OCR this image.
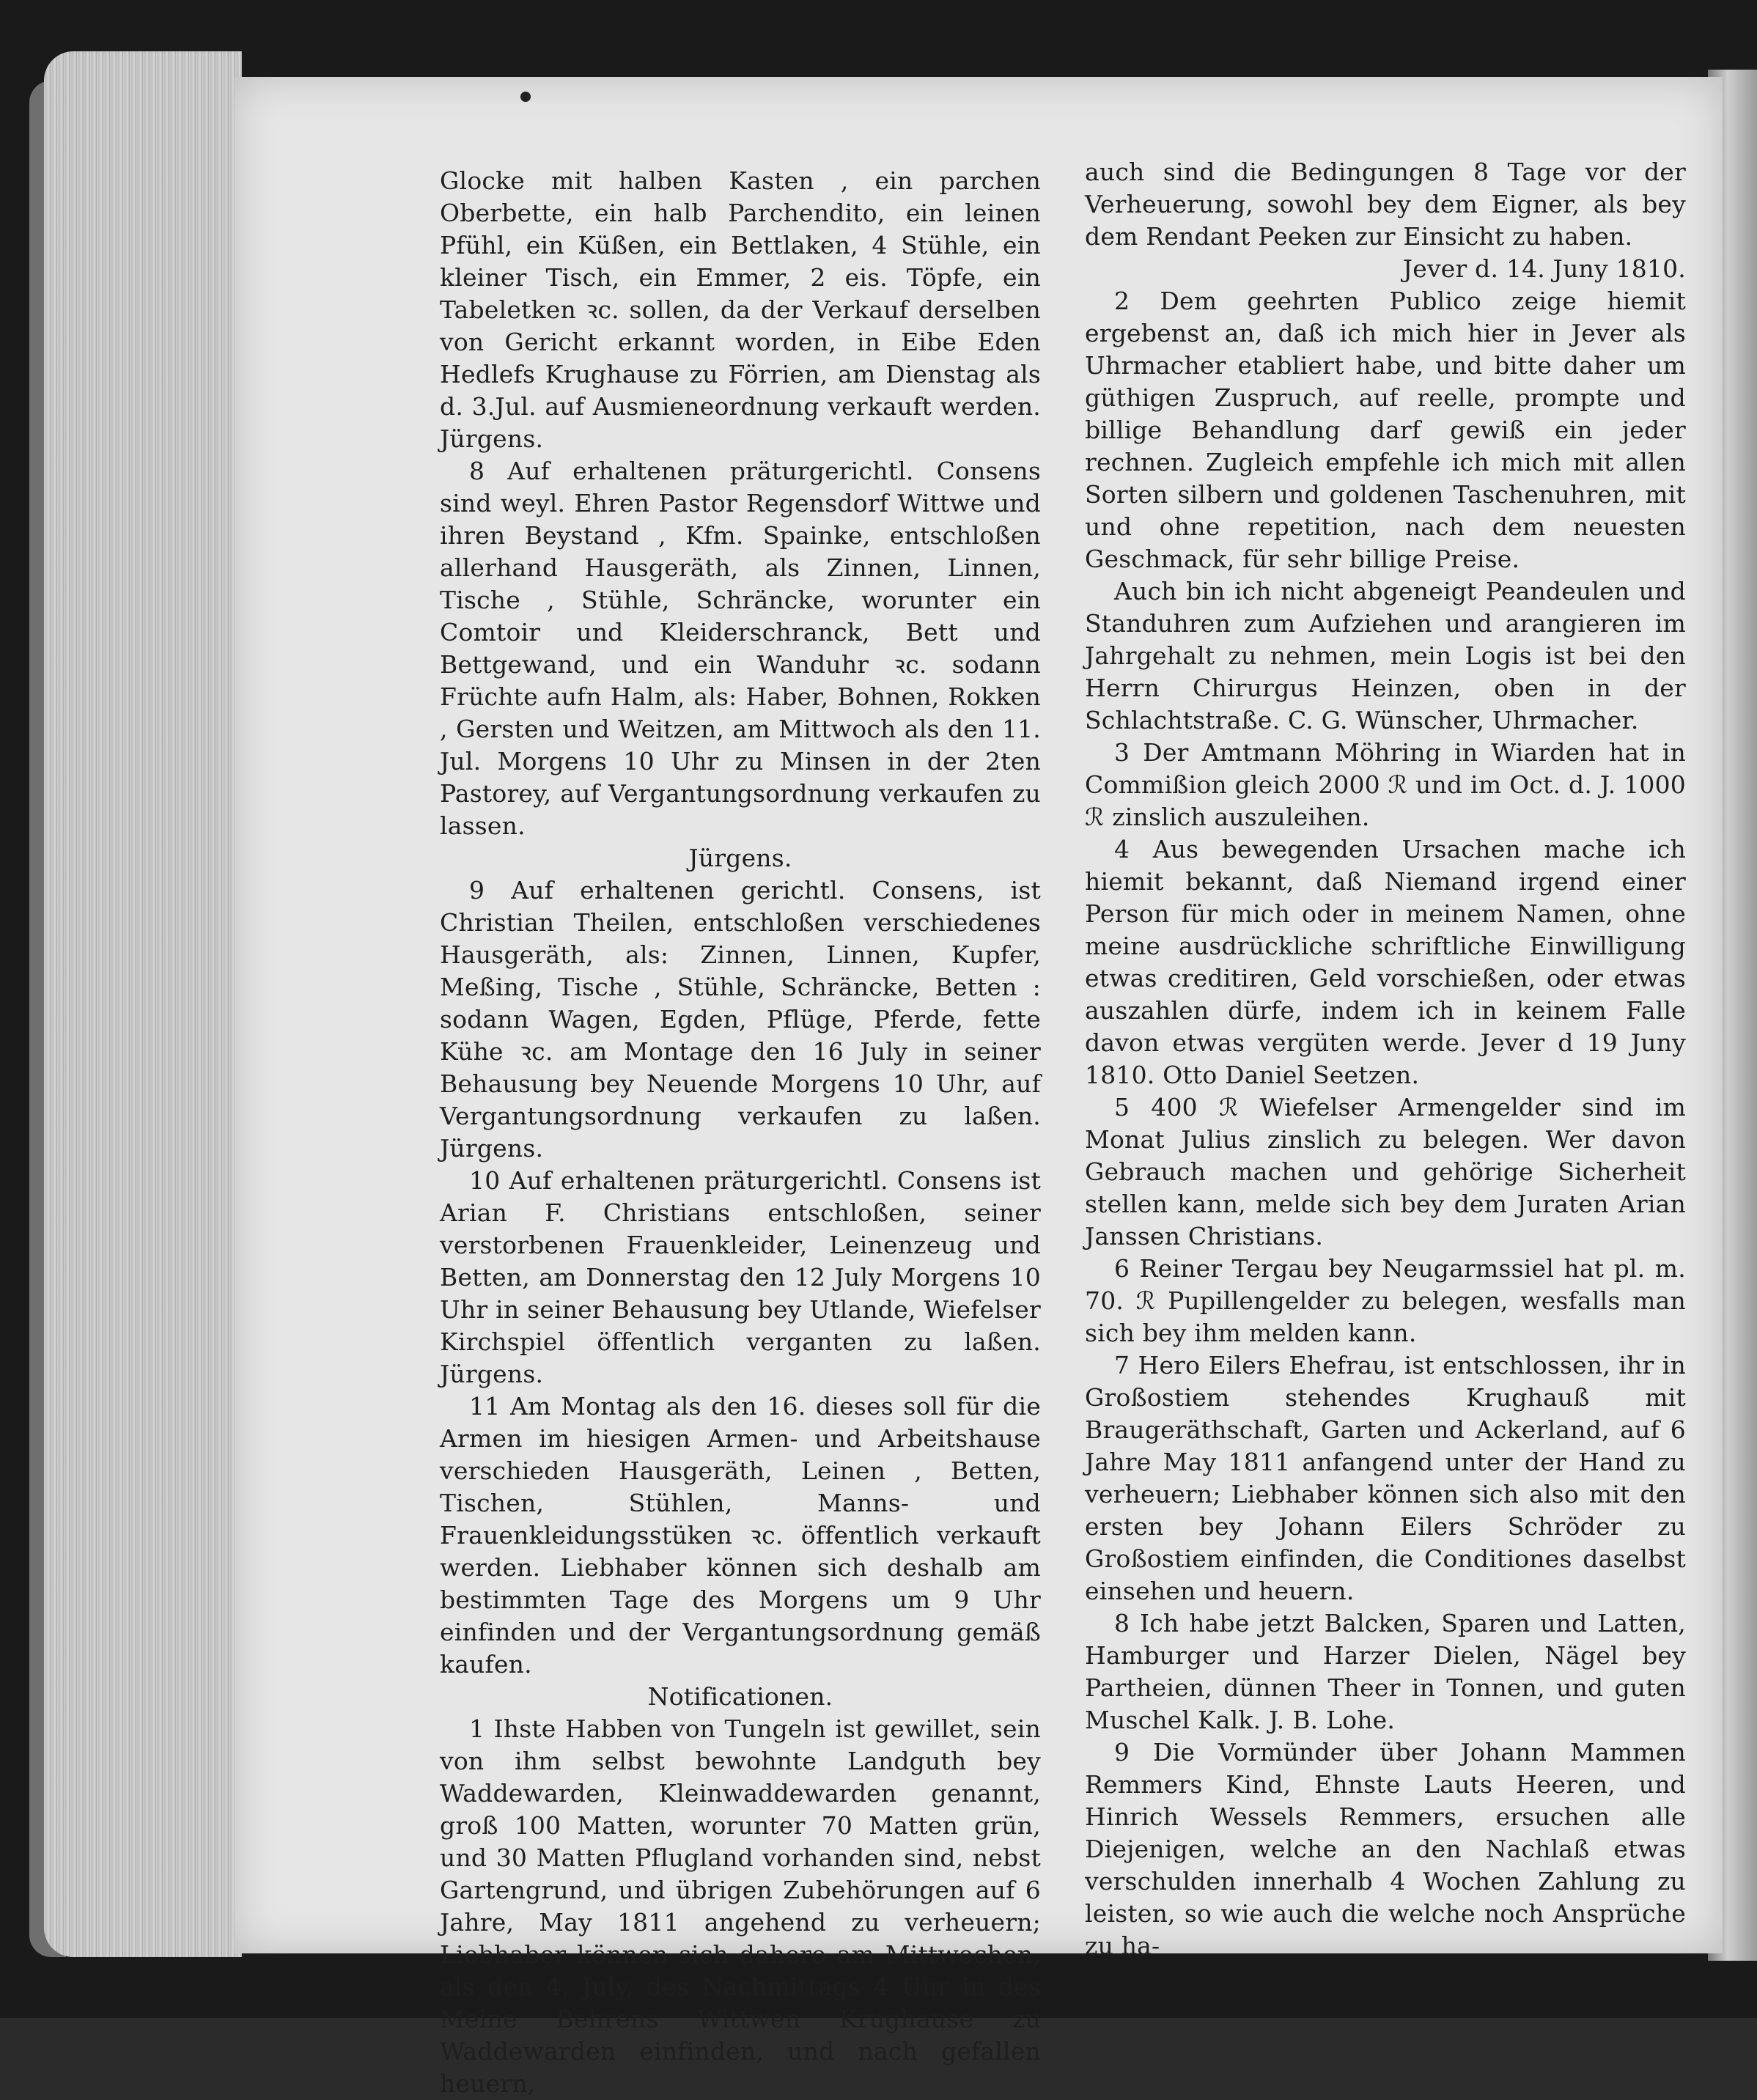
Glocke mit halben Kasten , ein parchen Oberbette, ein halb Parchendito, ein leinen Pfühl, ein Küßen, ein Bettlaken, 4 Stühle, ein kleiner Tisch, ein Emmer, 2 eis. Töpfe, ein Tabeletken ꝛc. sollen, da der Verkauf derselben von Gericht erkannt worden, in Eibe Eden Hedlefs Krughause zu Förrien, am Dienstag als d. 3.Jul. auf Ausmieneordnung verkauft werden. Jürgens.

8 Auf erhaltenen präturgerichtl. Consens sind weyl. Ehren Pastor Regensdorf Wittwe und ihren Beystand , Kfm. Spainke, entschloßen allerhand Hausgeräth, als Zinnen, Linnen, Tische , Stühle, Schräncke, worunter ein Comtoir und Kleiderschranck, Bett und Bettgewand, und ein Wanduhr ꝛc. sodann Früchte aufn Halm, als: Haber, Bohnen, Rokken , Gersten und Weitzen, am Mittwoch als den 11. Jul. Morgens 10 Uhr zu Minsen in der 2ten Pastorey, auf Vergantungsordnung verkaufen zu lassen.

Jürgens.

9 Auf erhaltenen gerichtl. Consens, ist Christian Theilen, entschloßen verschiedenes Hausgeräth, als: Zinnen, Linnen, Kupfer, Meßing, Tische , Stühle, Schräncke, Betten : sodann Wagen, Egden, Pflüge, Pferde, fette Kühe ꝛc. am Montage den 16 July in seiner Behausung bey Neuende Morgens 10 Uhr, auf Vergantungsordnung verkaufen zu laßen. Jürgens.

10 Auf erhaltenen präturgerichtl. Consens ist Arian F. Christians entschloßen, seiner verstorbenen Frauenkleider, Leinenzeug und Betten, am Donnerstag den 12 July Morgens 10 Uhr in seiner Behausung bey Utlande, Wiefelser Kirchspiel öffentlich verganten zu laßen. Jürgens.

11 Am Montag als den 16. dieses soll für die Armen im hiesigen Armen- und Arbeitshause verschieden Hausgeräth, Leinen , Betten, Tischen, Stühlen, Manns- und Frauenkleidungsstüken ꝛc. öffentlich verkauft werden. Liebhaber können sich deshalb am bestimmten Tage des Morgens um 9 Uhr einfinden und der Vergantungsordnung gemäß kaufen.

Notificationen.

1 Ihste Habben von Tungeln ist gewillet, sein von ihm selbst bewohnte Landguth bey Waddewarden, Kleinwaddewarden genannt, groß 100 Matten, worunter 70 Matten grün, und 30 Matten Pflugland vorhanden sind, nebst Gartengrund, und übrigen Zubehörungen auf 6 Jahre, May 1811 angehend zu verheuern; Liebhaber können sich dahero am Mittwochen, als den 4. July, des Nachmittags 4 Uhr in des Meine Behrens Wittwen Krughause zu Waddewarden einfinden, und nach gefallen heuern,

auch sind die Bedingungen 8 Tage vor der Verheuerung, sowohl bey dem Eigner, als bey dem Rendant Peeken zur Einsicht zu haben.

Jever d. 14. Juny 1810.

2 Dem geehrten Publico zeige hiemit ergebenst an, daß ich mich hier in Jever als Uhrmacher etabliert habe, und bitte daher um güthigen Zuspruch, auf reelle, prompte und billige Behandlung darf gewiß ein jeder rechnen. Zugleich empfehle ich mich mit allen Sorten silbern und goldenen Taschenuhren, mit und ohne repetition, nach dem neuesten Geschmack, für sehr billige Preise.

Auch bin ich nicht abgeneigt Peandeulen und Standuhren zum Aufziehen und arangieren im Jahrgehalt zu nehmen, mein Logis ist bei den Herrn Chirurgus Heinzen, oben in der Schlachtstraße. C. G. Wünscher, Uhrmacher.

3 Der Amtmann Möhring in Wiarden hat in Commißion gleich 2000 ℛ und im Oct. d. J. 1000 ℛ zinslich auszuleihen.

4 Aus bewegenden Ursachen mache ich hiemit bekannt, daß Niemand irgend einer Person für mich oder in meinem Namen, ohne meine ausdrückliche schriftliche Einwilligung etwas creditiren, Geld vorschießen, oder etwas auszahlen dürfe, indem ich in keinem Falle davon etwas vergüten werde. Jever d 19 Juny 1810. Otto Daniel Seetzen.

5 400 ℛ Wiefelser Armengelder sind im Monat Julius zinslich zu belegen. Wer davon Gebrauch machen und gehörige Sicherheit stellen kann, melde sich bey dem Juraten Arian Janssen Christians.

6 Reiner Tergau bey Neugarmssiel hat pl. m. 70. ℛ Pupillengelder zu belegen, wesfalls man sich bey ihm melden kann.

7 Hero Eilers Ehefrau, ist entschlossen, ihr in Großostiem stehendes Krughauß mit Braugeräthschaft, Garten und Ackerland, auf 6 Jahre May 1811 anfangend unter der Hand zu verheuern; Liebhaber können sich also mit den ersten bey Johann Eilers Schröder zu Großostiem einfinden, die Conditiones daselbst einsehen und heuern.

8 Ich habe jetzt Balcken, Sparen und Latten, Hamburger und Harzer Dielen, Nägel bey Partheien, dünnen Theer in Tonnen, und guten Muschel Kalk. J. B. Lohe.

9 Die Vormünder über Johann Mammen Remmers Kind, Ehnste Lauts Heeren, und Hinrich Wessels Remmers, ersuchen alle Diejenigen, welche an den Nachlaß etwas verschulden innerhalb 4 Wochen Zahlung zu leisten, so wie auch die welche noch Ansprüche zu ha-
